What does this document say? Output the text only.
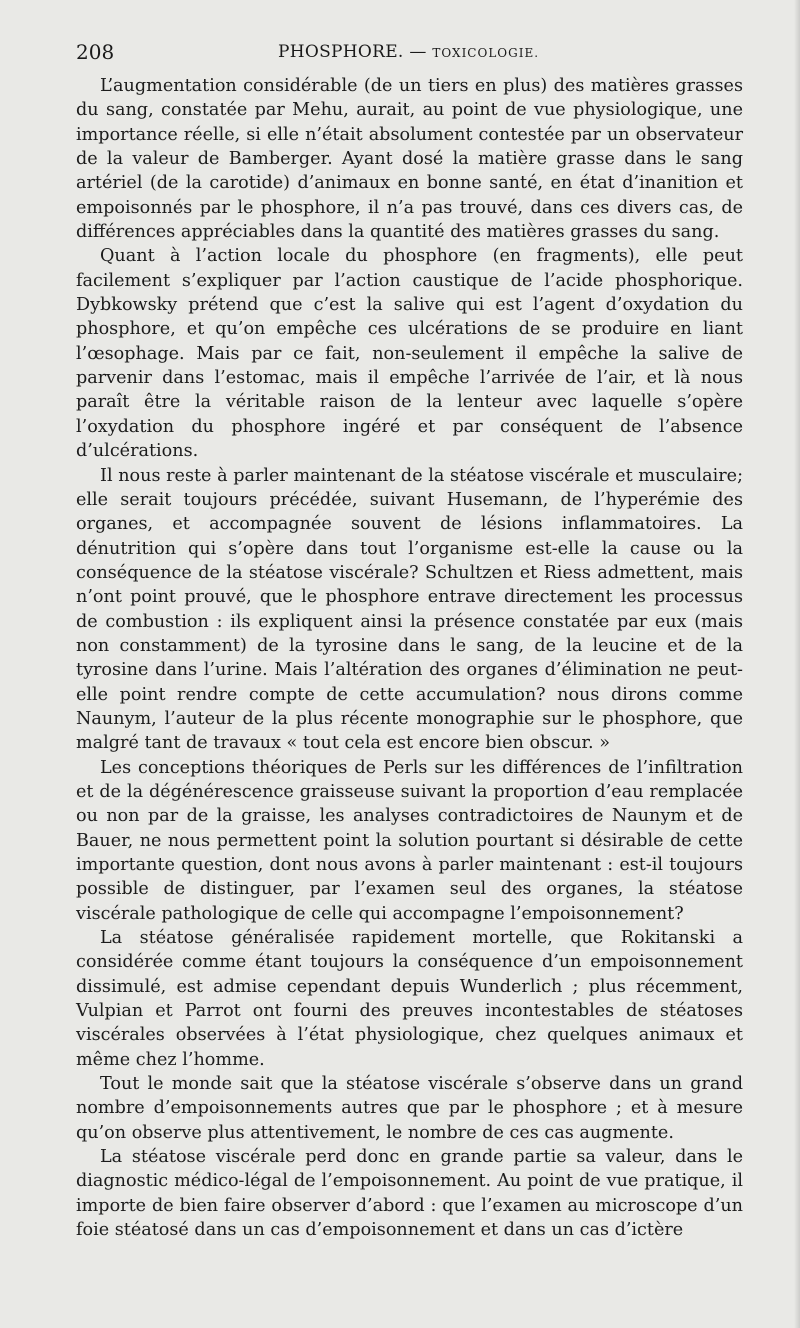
208	PHOSPHORE. — TOXICOLOGIE.

L’augmentation considérable (de un tiers en plus) des matières grasses du sang, constatée par Mehu, aurait, au point de vue physiologique, une importance réelle, si elle n’était absolument contestée par un observateur de la valeur de Bamberger. Ayant dosé la matière grasse dans le sang artériel (de la carotide) d’animaux en bonne santé, en état d’inanition et empoisonnés par le phosphore, il n’a pas trouvé, dans ces divers cas, de différences appréciables dans la quantité des matières grasses du sang.

Quant à l’action locale du phosphore (en fragments), elle peut facilement s’expliquer par l’action caustique de l’acide phosphorique. Dybkowsky prétend que c’est la salive qui est l’agent d’oxydation du phosphore, et qu’on empêche ces ulcérations de se produire en liant l’œsophage. Mais par ce fait, non-seulement il empêche la salive de parvenir dans l’estomac, mais il empêche l’arrivée de l’air, et là nous paraît être la véritable raison de la lenteur avec laquelle s’opère l’oxydation du phosphore ingéré et par conséquent de l’absence d’ulcérations.

Il nous reste à parler maintenant de la stéatose viscérale et musculaire; elle serait toujours précédée, suivant Husemann, de l’hyperémie des organes, et accompagnée souvent de lésions inflammatoires. La dénutrition qui s’opère dans tout l’organisme est-elle la cause ou la conséquence de la stéatose viscérale? Schultzen et Riess admettent, mais n’ont point prouvé, que le phosphore entrave directement les processus de combustion : ils expliquent ainsi la présence constatée par eux (mais non constamment) de la tyrosine dans le sang, de la leucine et de la tyrosine dans l’urine. Mais l’altération des organes d’élimination ne peut-elle point rendre compte de cette accumulation? nous dirons comme Naunym, l’auteur de la plus récente monographie sur le phosphore, que malgré tant de travaux « tout cela est encore bien obscur. »

Les conceptions théoriques de Perls sur les différences de l’infiltration et de la dégénérescence graisseuse suivant la proportion d’eau remplacée ou non par de la graisse, les analyses contradictoires de Naunym et de Bauer, ne nous permettent point la solution pourtant si désirable de cette importante question, dont nous avons à parler maintenant : est-il toujours possible de distinguer, par l’examen seul des organes, la stéatose viscérale pathologique de celle qui accompagne l’empoisonnement?

La stéatose généralisée rapidement mortelle, que Rokitanski a considérée comme étant toujours la conséquence d’un empoisonnement dissimulé, est admise cependant depuis Wunderlich ; plus récemment, Vulpian et Parrot ont fourni des preuves incontestables de stéatoses viscérales observées à l’état physiologique, chez quelques animaux et même chez l’homme.

Tout le monde sait que la stéatose viscérale s’observe dans un grand nombre d’empoisonnements autres que par le phosphore ; et à mesure qu’on observe plus attentivement, le nombre de ces cas augmente.

La stéatose viscérale perd donc en grande partie sa valeur, dans le diagnostic médico-légal de l’empoisonnement. Au point de vue pratique, il importe de bien faire observer d’abord : que l’examen au microscope d’un foie stéatosé dans un cas d’empoisonnement et dans un cas d’ictère
